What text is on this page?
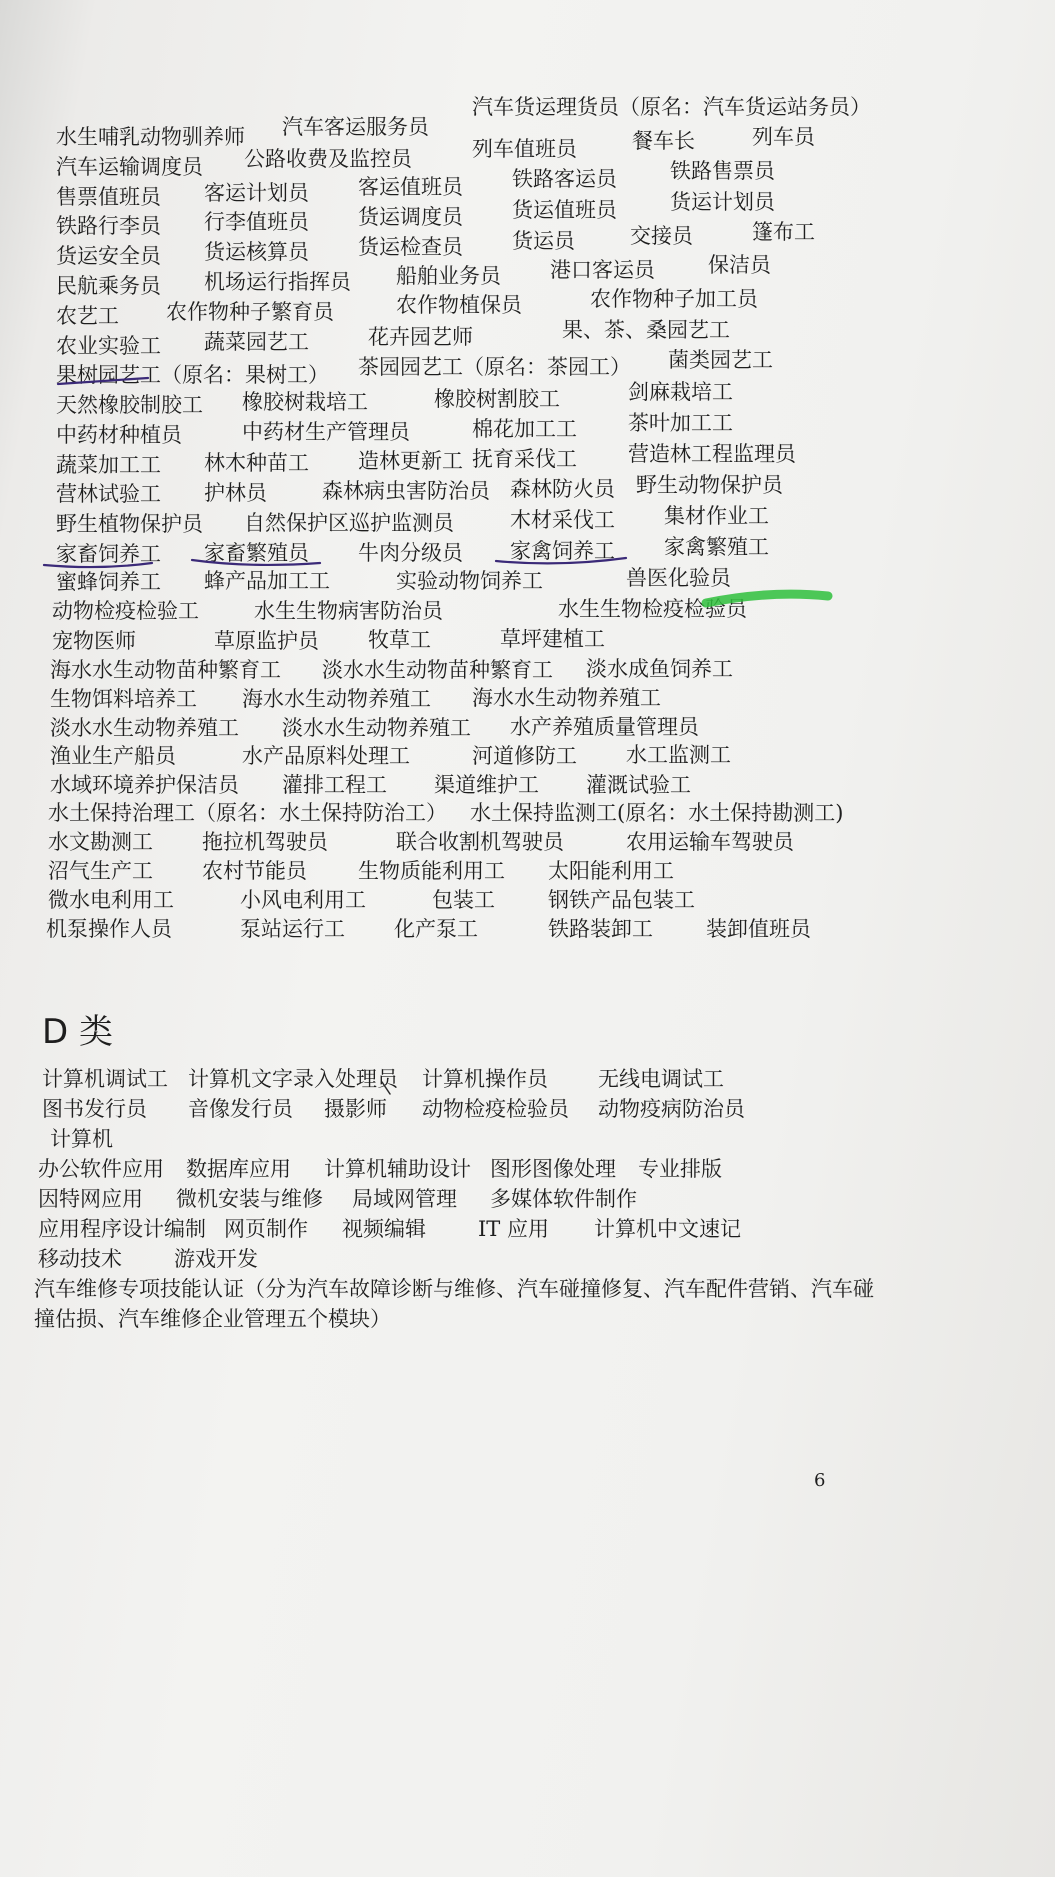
水生哺乳动物驯养师 汽车客运服务员
汽车货运理货员（原名：汽车货运站务员）
汽车运输调度员 公路收费及监控员	列车值班员	餐车长	列车员
售票值班员 客运计划员 客运值班员 铁路客运员	铁路售票员
铁路行李员 行李值班员 货运调度员 货运值班员	货运计划员
货运安全员 货运核算员 货运检查员 货运员	交接员	篷布工
民航乘务员 机场运行指挥员 船舶业务员 港口客运员	保洁员
农艺工 农作物种子繁育员	农作物植保员	农作物种子加工员
农业实验工 蔬菜园艺工	花卉园艺师	果、茶、桑园艺工
果树园艺工（原名：果树工） 茶园园艺工（原名：茶园工） 菌类园艺工
天然橡胶制胶工 橡胶树栽培工	橡胶树割胶工	剑麻栽培工
中药材种植员	中药材生产管理员	棉花加工工 茶叶加工工
蔬菜加工工 林木种苗工 造林更新工 抚育采伐工 营造林工程监理员
营林试验工 护林员	森林病虫害防治员 森林防火员 野生动物保护员
野生植物保护员 自然保护区巡护监测员	木材采伐工 集材作业工
家畜饲养工 家畜繁殖员 牛肉分级员 家禽饲养工 家禽繁殖工
蜜蜂饲养工 蜂产品加工工	实验动物饲养工	兽医化验员
动物检疫检验工	水生生物病害防治员	水生生物检疫检验员
宠物医师	草原监护员 牧草工	草坪建植工
海水水生动物苗种繁育工 淡水水生动物苗种繁育工 淡水成鱼饲养工
生物饵料培养工 海水水生动物养殖工 海水水生动物养殖工
淡水水生动物养殖工 淡水水生动物养殖工 水产养殖质量管理员
渔业生产船员	水产品原料处理工	河道修防工 水工监测工
水域环境养护保洁员 灌排工程工 渠道维护工 灌溉试验工
水土保持治理工（原名：水土保持防治工） 水土保持监测工(原名：水土保持勘测工)
水文勘测工 拖拉机驾驶员	联合收割机驾驶员	农用运输车驾驶员
沼气生产工 农村节能员 生物质能利用工 太阳能利用工
微水电利用工	小风电利用工	包装工	钢铁产品包装工
机泵操作人员	泵站运行工 化产泵工	铁路装卸工	装卸值班员
D 类
计算机调试工 计算机文字录入处理员 计算机操作员 无线电调试工
图书发行员 音像发行员 摄影师 动物检疫检验员 动物疫病防治员
计算机
办公软件应用 数据库应用 计算机辅助设计 图形图像处理 专业排版
因特网应用 微机安装与维修 局域网管理 多媒体软件制作
应用程序设计编制 网页制作 视频编辑 IT 应用 计算机中文速记
移动技术 游戏开发
汽车维修专项技能认证（分为汽车故障诊断与维修、汽车碰撞修复、汽车配件营销、汽车碰
撞估损、汽车维修企业管理五个模块）
6
